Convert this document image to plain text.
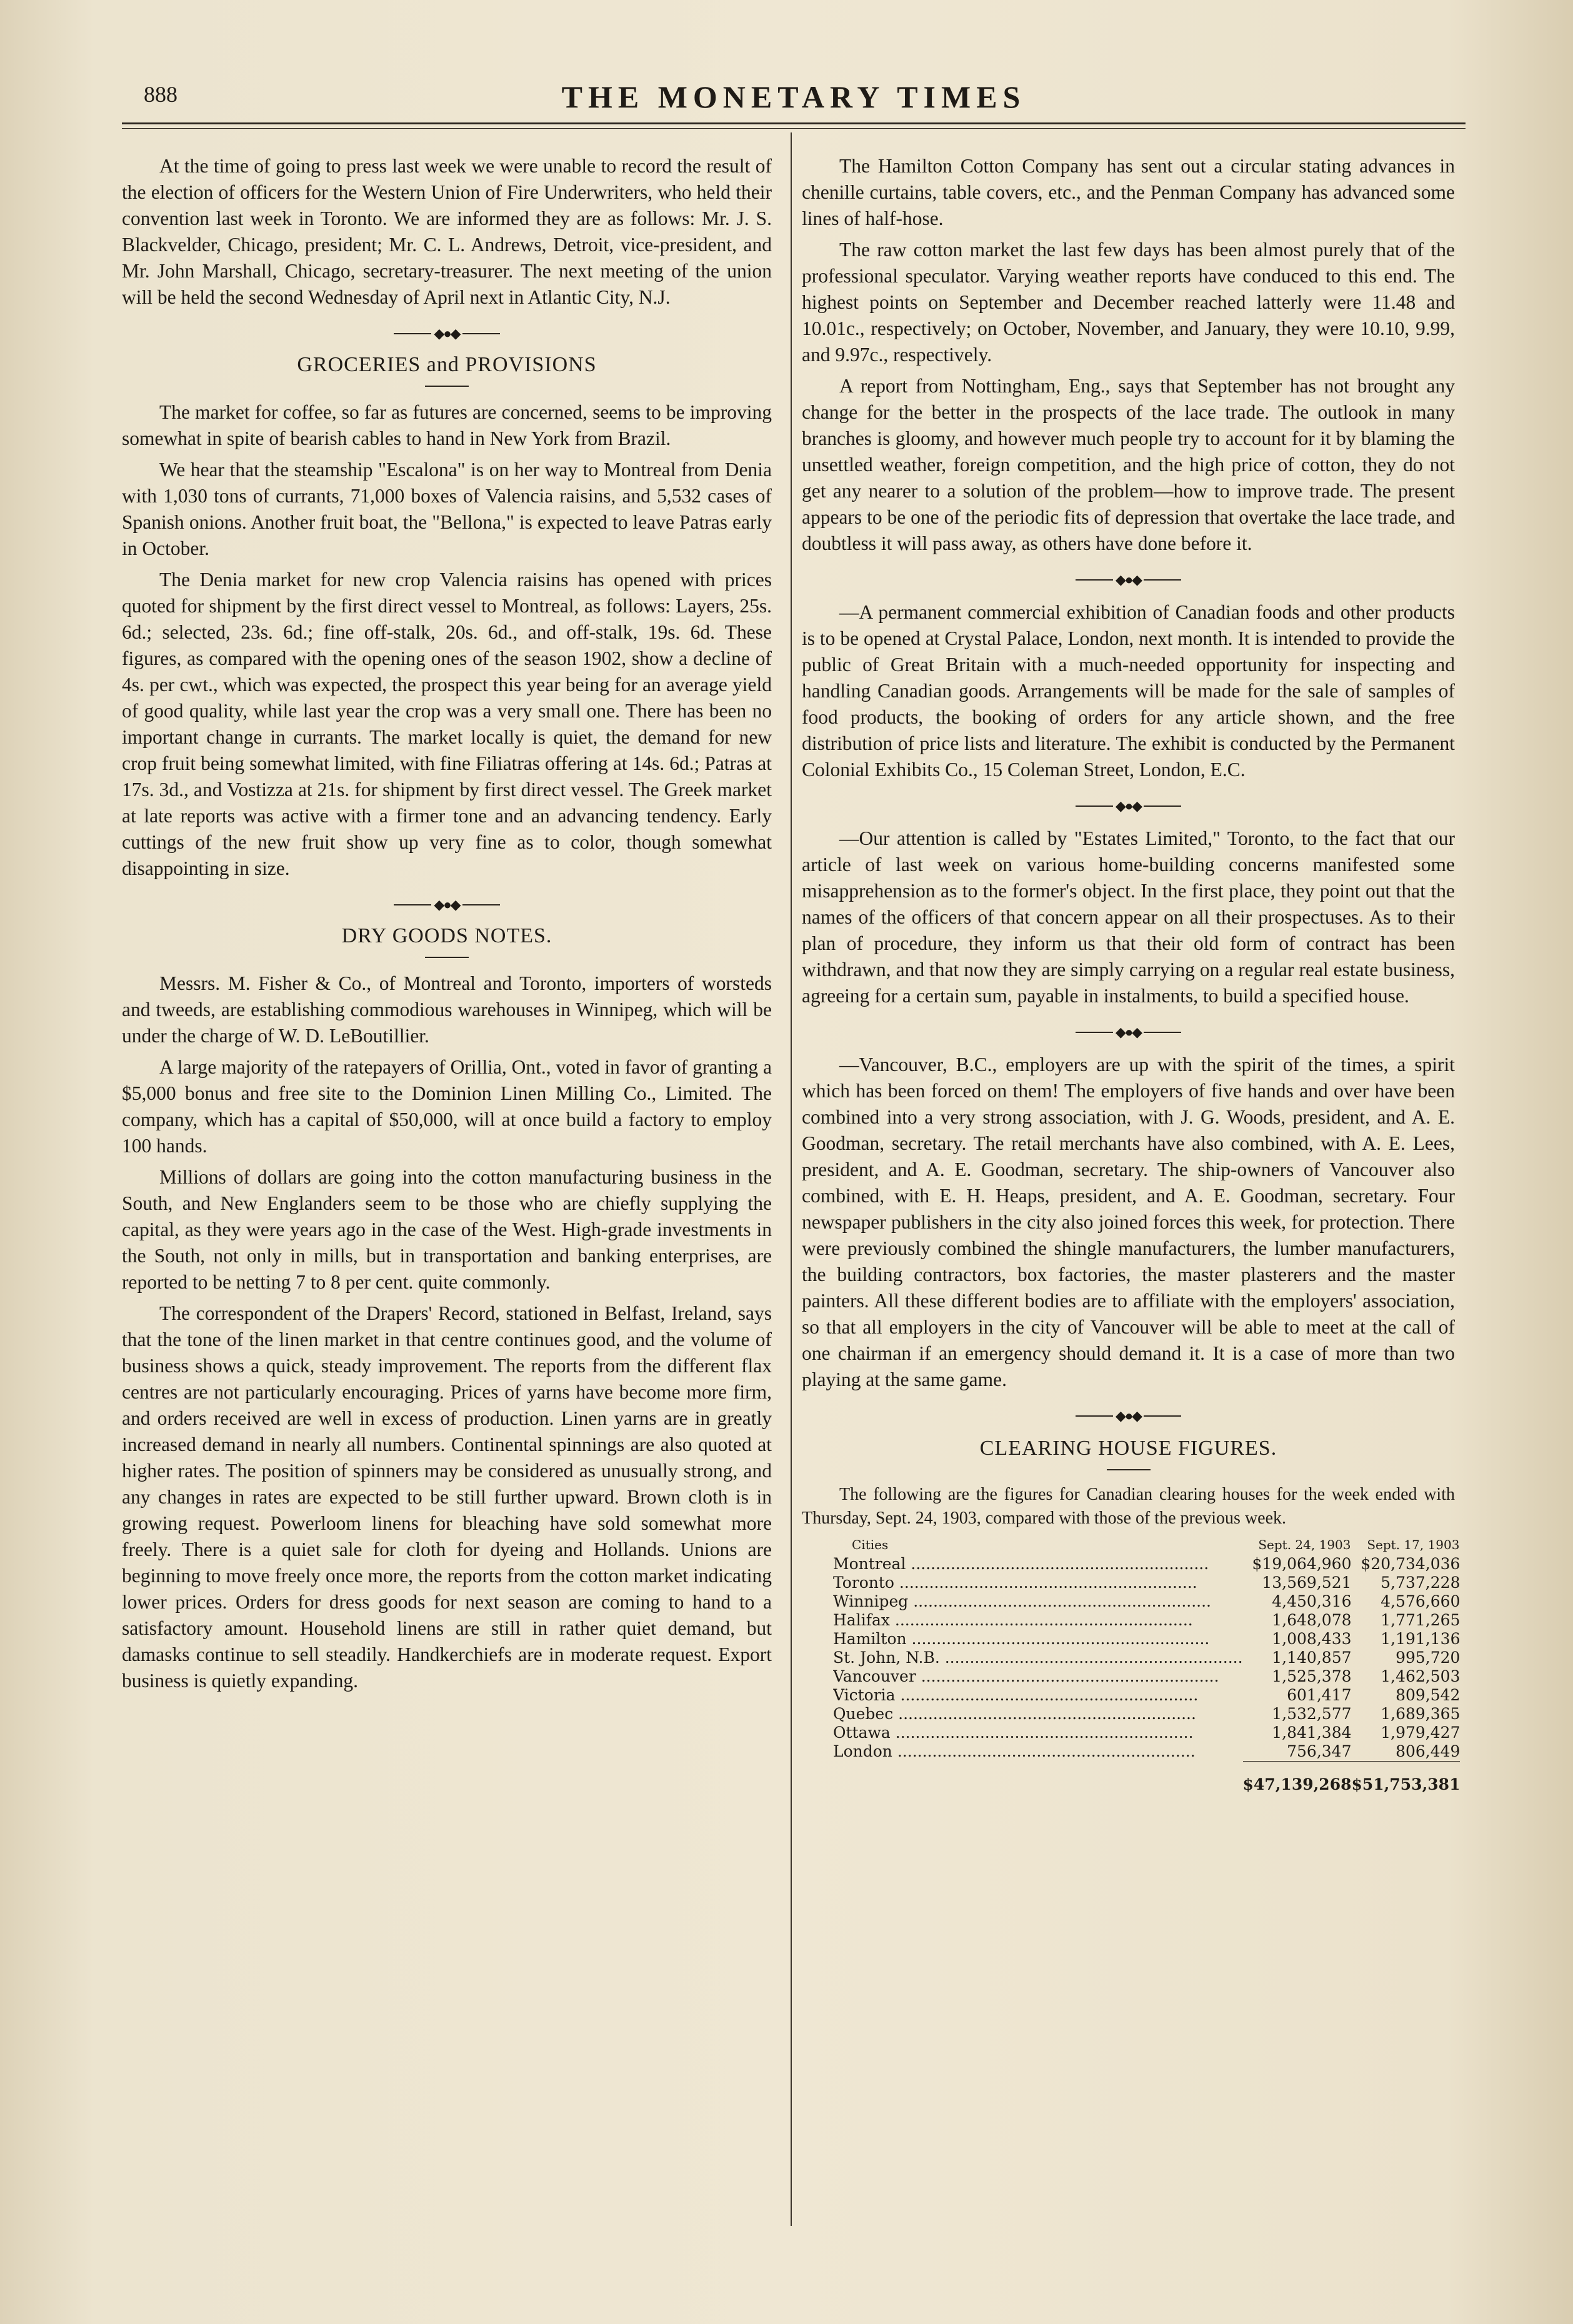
888	THE MONETARY TIMES

At the time of going to press last week we were unable to record the result of the election of officers for the Western Union of Fire Underwriters, who held their convention last week in Toronto. We are informed they are as follows: Mr. J. S. Blackvelder, Chicago, president; Mr. C. L. Andrews, Detroit, vice-president, and Mr. John Marshall, Chicago, secretary-treasurer. The next meeting of the union will be held the second Wednesday of April next in Atlantic City, N.J.

◆●◆
GROCERIES and PROVISIONS

The market for coffee, so far as futures are concerned, seems to be improving somewhat in spite of bearish cables to hand in New York from Brazil.

We hear that the steamship "Escalona" is on her way to Montreal from Denia with 1,030 tons of currants, 71,000 boxes of Valencia raisins, and 5,532 cases of Spanish onions. Another fruit boat, the "Bellona," is expected to leave Patras early in October.

The Denia market for new crop Valencia raisins has opened with prices quoted for shipment by the first direct vessel to Montreal, as follows: Layers, 25s. 6d.; selected, 23s. 6d.; fine off-stalk, 20s. 6d., and off-stalk, 19s. 6d. These figures, as compared with the opening ones of the season 1902, show a decline of 4s. per cwt., which was expected, the prospect this year being for an average yield of good quality, while last year the crop was a very small one. There has been no important change in currants. The market locally is quiet, the demand for new crop fruit being somewhat limited, with fine Filiatras offering at 14s. 6d.; Patras at 17s. 3d., and Vostizza at 21s. for shipment by first direct vessel. The Greek market at late reports was active with a firmer tone and an advancing tendency. Early cuttings of the new fruit show up very fine as to color, though somewhat disappointing in size.

◆●◆
DRY GOODS NOTES.

Messrs. M. Fisher & Co., of Montreal and Toronto, importers of worsteds and tweeds, are establishing commodious warehouses in Winnipeg, which will be under the charge of W. D. LeBoutillier.

A large majority of the ratepayers of Orillia, Ont., voted in favor of granting a $5,000 bonus and free site to the Dominion Linen Milling Co., Limited. The company, which has a capital of $50,000, will at once build a factory to employ 100 hands.

Millions of dollars are going into the cotton manufacturing business in the South, and New Englanders seem to be those who are chiefly supplying the capital, as they were years ago in the case of the West. High-grade investments in the South, not only in mills, but in transportation and banking enterprises, are reported to be netting 7 to 8 per cent. quite commonly.

The correspondent of the Drapers' Record, stationed in Belfast, Ireland, says that the tone of the linen market in that centre continues good, and the volume of business shows a quick, steady improvement. The reports from the different flax centres are not particularly encouraging. Prices of yarns have become more firm, and orders received are well in excess of production. Linen yarns are in greatly increased demand in nearly all numbers. Continental spinnings are also quoted at higher rates. The position of spinners may be considered as unusually strong, and any changes in rates are expected to be still further upward. Brown cloth is in growing request. Powerloom linens for bleaching have sold somewhat more freely. There is a quiet sale for cloth for dyeing and Hollands. Unions are beginning to move freely once more, the reports from the cotton market indicating lower prices. Orders for dress goods for next season are coming to hand to a satisfactory amount. Household linens are still in rather quiet demand, but damasks continue to sell steadily. Handkerchiefs are in moderate request. Export business is quietly expanding.

The Hamilton Cotton Company has sent out a circular stating advances in chenille curtains, table covers, etc., and the Penman Company has advanced some lines of half-hose.

The raw cotton market the last few days has been almost purely that of the professional speculator. Varying weather reports have conduced to this end. The highest points on September and December reached latterly were 11.48 and 10.01c., respectively; on October, November, and January, they were 10.10, 9.99, and 9.97c., respectively.

A report from Nottingham, Eng., says that September has not brought any change for the better in the prospects of the lace trade. The outlook in many branches is gloomy, and however much people try to account for it by blaming the unsettled weather, foreign competition, and the high price of cotton, they do not get any nearer to a solution of the problem—how to improve trade. The present appears to be one of the periodic fits of depression that overtake the lace trade, and doubtless it will pass away, as others have done before it.

◆●◆

—A permanent commercial exhibition of Canadian foods and other products is to be opened at Crystal Palace, London, next month. It is intended to provide the public of Great Britain with a much-needed opportunity for inspecting and handling Canadian goods. Arrangements will be made for the sale of samples of food products, the booking of orders for any article shown, and the free distribution of price lists and literature. The exhibit is conducted by the Permanent Colonial Exhibits Co., 15 Coleman Street, London, E.C.

◆●◆

—Our attention is called by "Estates Limited," Toronto, to the fact that our article of last week on various home-building concerns manifested some misapprehension as to the former's object. In the first place, they point out that the names of the officers of that concern appear on all their prospectuses. As to their plan of procedure, they inform us that their old form of contract has been withdrawn, and that now they are simply carrying on a regular real estate business, agreeing for a certain sum, payable in instalments, to build a specified house.

◆●◆

—Vancouver, B.C., employers are up with the spirit of the times, a spirit which has been forced on them! The employers of five hands and over have been combined into a very strong association, with J. G. Woods, president, and A. E. Goodman, secretary. The retail merchants have also combined, with A. E. Lees, president, and A. E. Goodman, secretary. The ship-owners of Vancouver also combined, with E. H. Heaps, president, and A. E. Goodman, secretary. Four newspaper publishers in the city also joined forces this week, for protection. There were previously combined the shingle manufacturers, the lumber manufacturers, the building contractors, box factories, the master plasterers and the master painters. All these different bodies are to affiliate with the employers' association, so that all employers in the city of Vancouver will be able to meet at the call of one chairman if an emergency should demand it. It is a case of more than two playing at the same game.

◆●◆
CLEARING HOUSE FIGURES.

The following are the figures for Canadian clearing houses for the week ended with Thursday, Sept. 24, 1903, compared with those of the previous week.

Cities	Sept. 24, 1903	Sept. 17, 1903
Montreal ............................................................	$19,064,960	$20,734,036
Toronto ............................................................	13,569,521	5,737,228
Winnipeg ............................................................	4,450,316	4,576,660
Halifax ............................................................	1,648,078	1,771,265
Hamilton ............................................................	1,008,433	1,191,136
St. John, N.B. ............................................................	1,140,857	995,720
Vancouver ............................................................	1,525,378	1,462,503
Victoria ............................................................	601,417	809,542
Quebec ............................................................	1,532,577	1,689,365
Ottawa ............................................................	1,841,384	1,979,427
London ............................................................	756,347	806,449
	$47,139,268	$51,753,381
